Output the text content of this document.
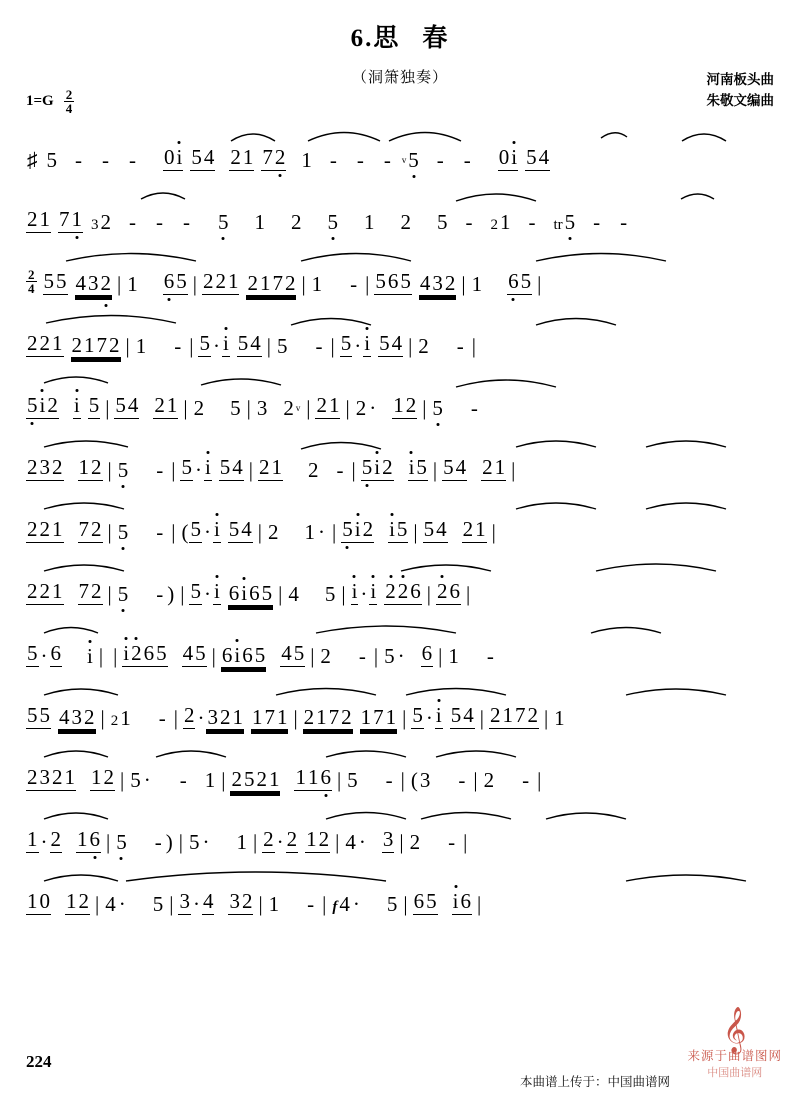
6.思 春
（洞箫独奏）	河南板头曲
朱敬文编曲
$1=G \frac{2}{4}$
♯ 5 - - - 0 i 5 4 2 1 7 2 1 - - - ᵛ 5 - - 0 i 5 4
2 1 7 1 3 2 - - - 5 1 2 5 1 2 5 - 2 1 - tr 5 - -
$\frac{2}{4} 5$ 5 4 3 2 | 1 6 5 | 2 2 1 2 1 7 2 | 1 - | 5 6 5 4 3 2 | 1 6 5 |
2 2 1 2 1 7 2 | 1 - | 5 · i 5 4 | 5 - | 5 · i 5 4 | 2 - |
5 i 2 i 5 | 5 4 2 1 | 2 5 | 3 2 ᵛ | 2 1 | 2 · 1 2 | 5 -
2 3 2 1 2 | 5 - | 5 · i 5 4 | 2 1 2 - | 5 i 2 i 5 | 5 4 2 1 |
2 2 1 7 2 | 5 - | ( 5 · i 5 4 | 2 1 · | 5 i 2 i 5 | 5 4 2 1 |
2 2 1 7 2 | 5 - ) | 5 · i 6 i 6 5 | 4 5 | i · i 2 2 6 | 2 6 |
5 · 6 i | | i 2 6 5 4 5 | 6 i 6 5 4 5 | 2 - | 5 · 6 | 1 -
5 5 4 3 2 | 2 1 - | 2 · 3 2 1 1 7 1 | 2 1 7 2 1 7 1 | 5 · i 5 4 | 2 1 7 2 | 1
2 3 2 1 1 2 | 5 · - 1 | 2 5 2 1 1 1 6 | 5 - | ( 3 - | 2 - |
1 · 2 1 6 | 5 - ) | 5 · 1 | 2 · 2 1 2 | 4 · 3 | 2 - |
1 0 1 2 | 4 · 5 | 3 · 4 3 2 | 1 - | f 4 · 5 | 6 5 i 6 |
224
本曲谱上传于：中国曲谱网
𝄞
来源于曲谱图网
中国曲谱网
